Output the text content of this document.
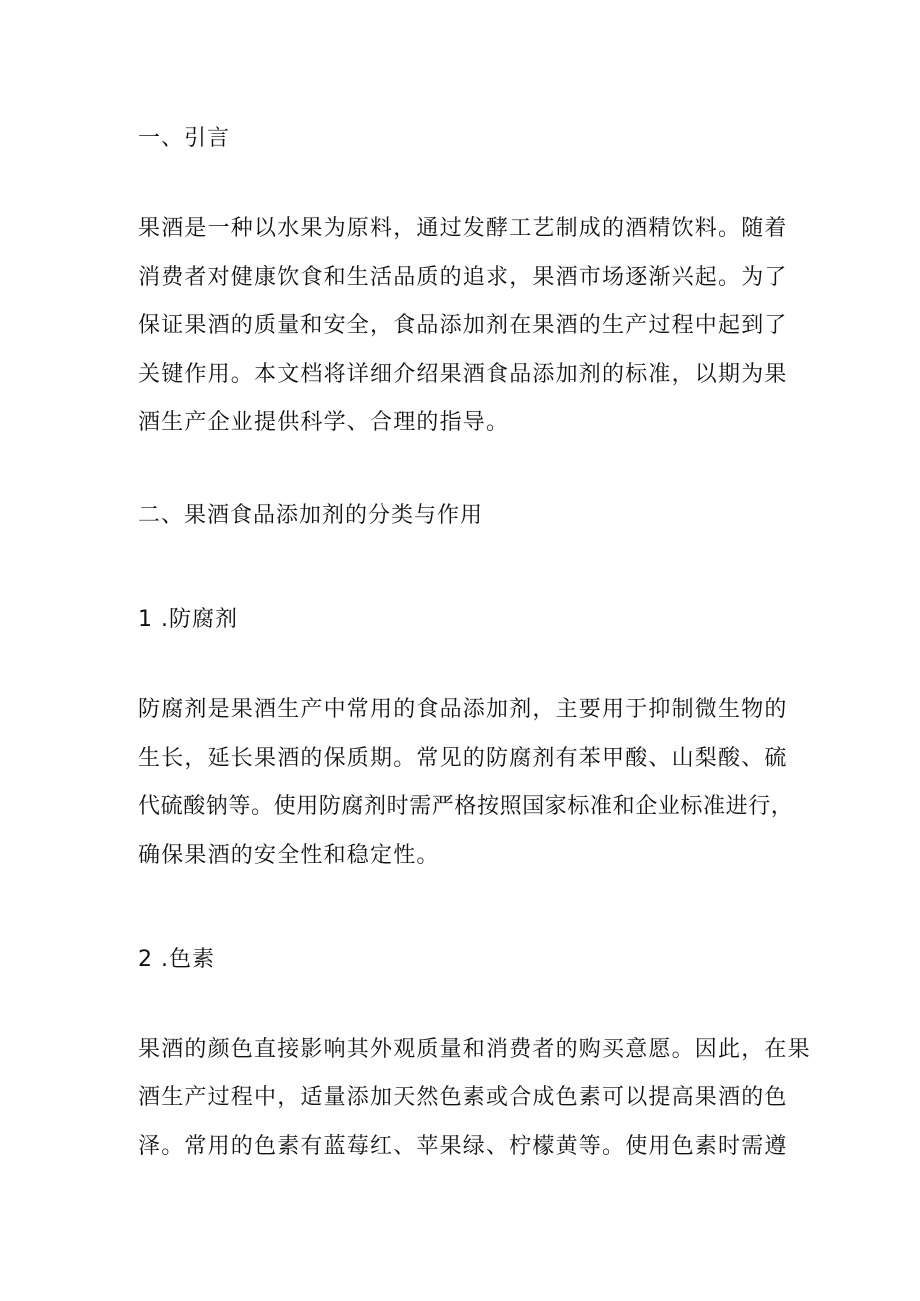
一、引言
果酒是一种以水果为原料，通过发酵工艺制成的酒精饮料。随着
消费者对健康饮食和生活品质的追求，果酒市场逐渐兴起。为了
保证果酒的质量和安全，食品添加剂在果酒的生产过程中起到了
关键作用。本文档将详细介绍果酒食品添加剂的标准，以期为果
酒生产企业提供科学、合理的指导。
二、果酒食品添加剂的分类与作用
1 .防腐剂
防腐剂是果酒生产中常用的食品添加剂，主要用于抑制微生物的
生长，延长果酒的保质期。常见的防腐剂有苯甲酸、山梨酸、硫
代硫酸钠等。使用防腐剂时需严格按照国家标准和企业标准进行，
确保果酒的安全性和稳定性。
2 .色素
果酒的颜色直接影响其外观质量和消费者的购买意愿。因此，在果
酒生产过程中，适量添加天然色素或合成色素可以提高果酒的色
泽。常用的色素有蓝莓红、苹果绿、柠檬黄等。使用色素时需遵
